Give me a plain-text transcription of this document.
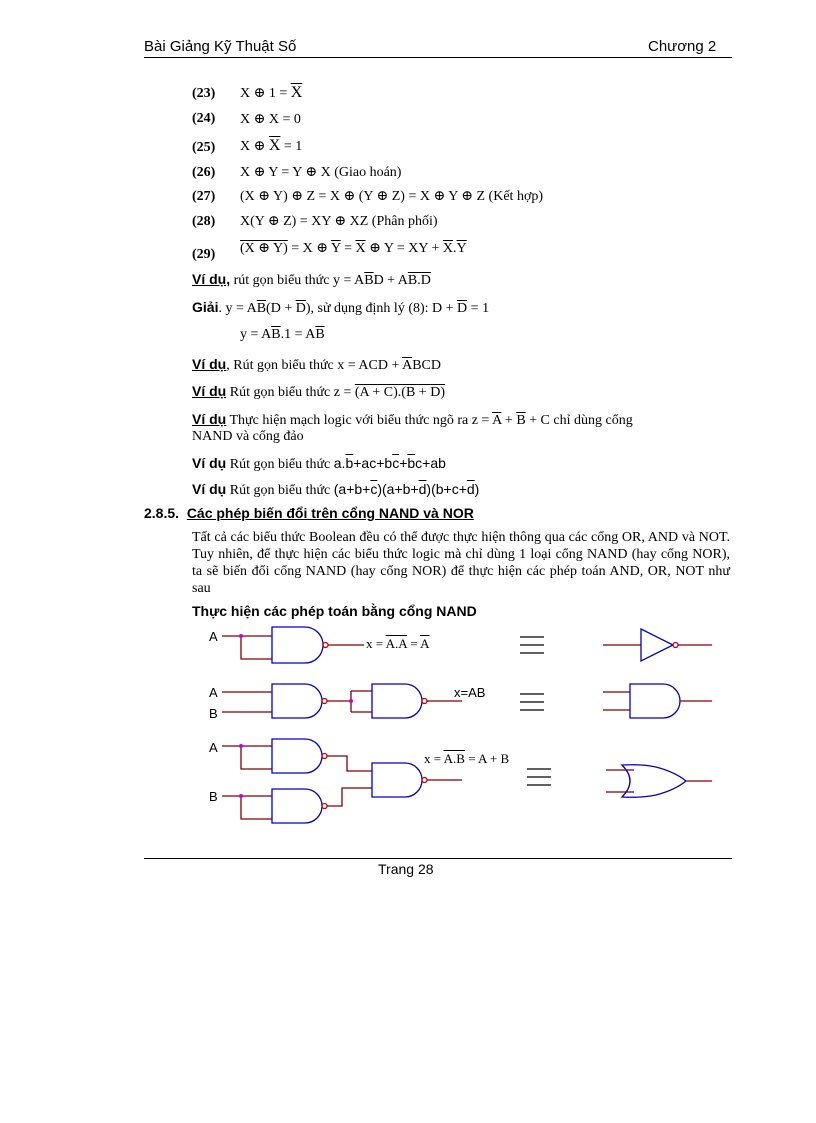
Bài Giảng Kỹ Thuật Số	Chương 2
(23) X ⊕ $1 = \overline{X}$
(24) X ⊕ X = 0
(25) X ⊕ $\overline{X} = 1$
(26) X ⊕ Y = Y ⊕ X (Giao hoán)
(27) (X ⊕ Y) ⊕ Z = X ⊕ (Y ⊕ Z) = X ⊕ Y ⊕ Z (Kết hợp)
(28) X(Y ⊕ Z) = XY ⊕ XZ (Phân phối)
(29) (X ⊕ Y) = X ⊕ $\overline{Y} = \overline{X}$ ⊕ Y = XY + $\overline{X}.\overline{Y}$
Ví dụ, rút gọn biểu thức $y = A\overline{B}D + AB.D$
Giải. $y = A\overline{B}(D + \overline{D})$, sử dụng định lý (8): $D + \overline{D} = 1$
$y = A\overline{B}.1 = A\overline{B}$
Ví dụ, Rút gọn biểu thức x = ACD + $\overline{A}BCD$
Ví dụ Rút gọn biểu thức z = (A + C).(B + D)
Ví dụ Thực hiện mạch logic với biểu thức ngõ ra $z = \overline{A} + \overline{B} + C$ chỉ dùng cổng
NAND và cổng đảo
Ví dụ Rút gọn biểu thức $a.\overline{b}+ac+b\overline{c}+\overline{b}c+ab$
Ví dụ Rút gọn biểu thức $(a+b+\overline{c})(a+b+\overline{d})(b+c+\overline{d})$
2.8.5. Các phép biến đổi trên cổng NAND và NOR
Tất cả các biểu thức Boolean đều có thể được thực hiện thông qua các cổng OR, AND và NOT. Tuy nhiên, để thực hiện các biểu thức logic mà chỉ dùng 1 loại cổng NAND (hay cổng NOR), ta sẽ biến đổi cổng NAND (hay cổng NOR) để thực hiện các phép toán AND, OR, NOT như sau
Thực hiện các phép toán bằng cổng NAND
A	$x = A.A = \overline{A}$
A
B
x=AB
A
B
x = A.B = A + B
Trang 28
